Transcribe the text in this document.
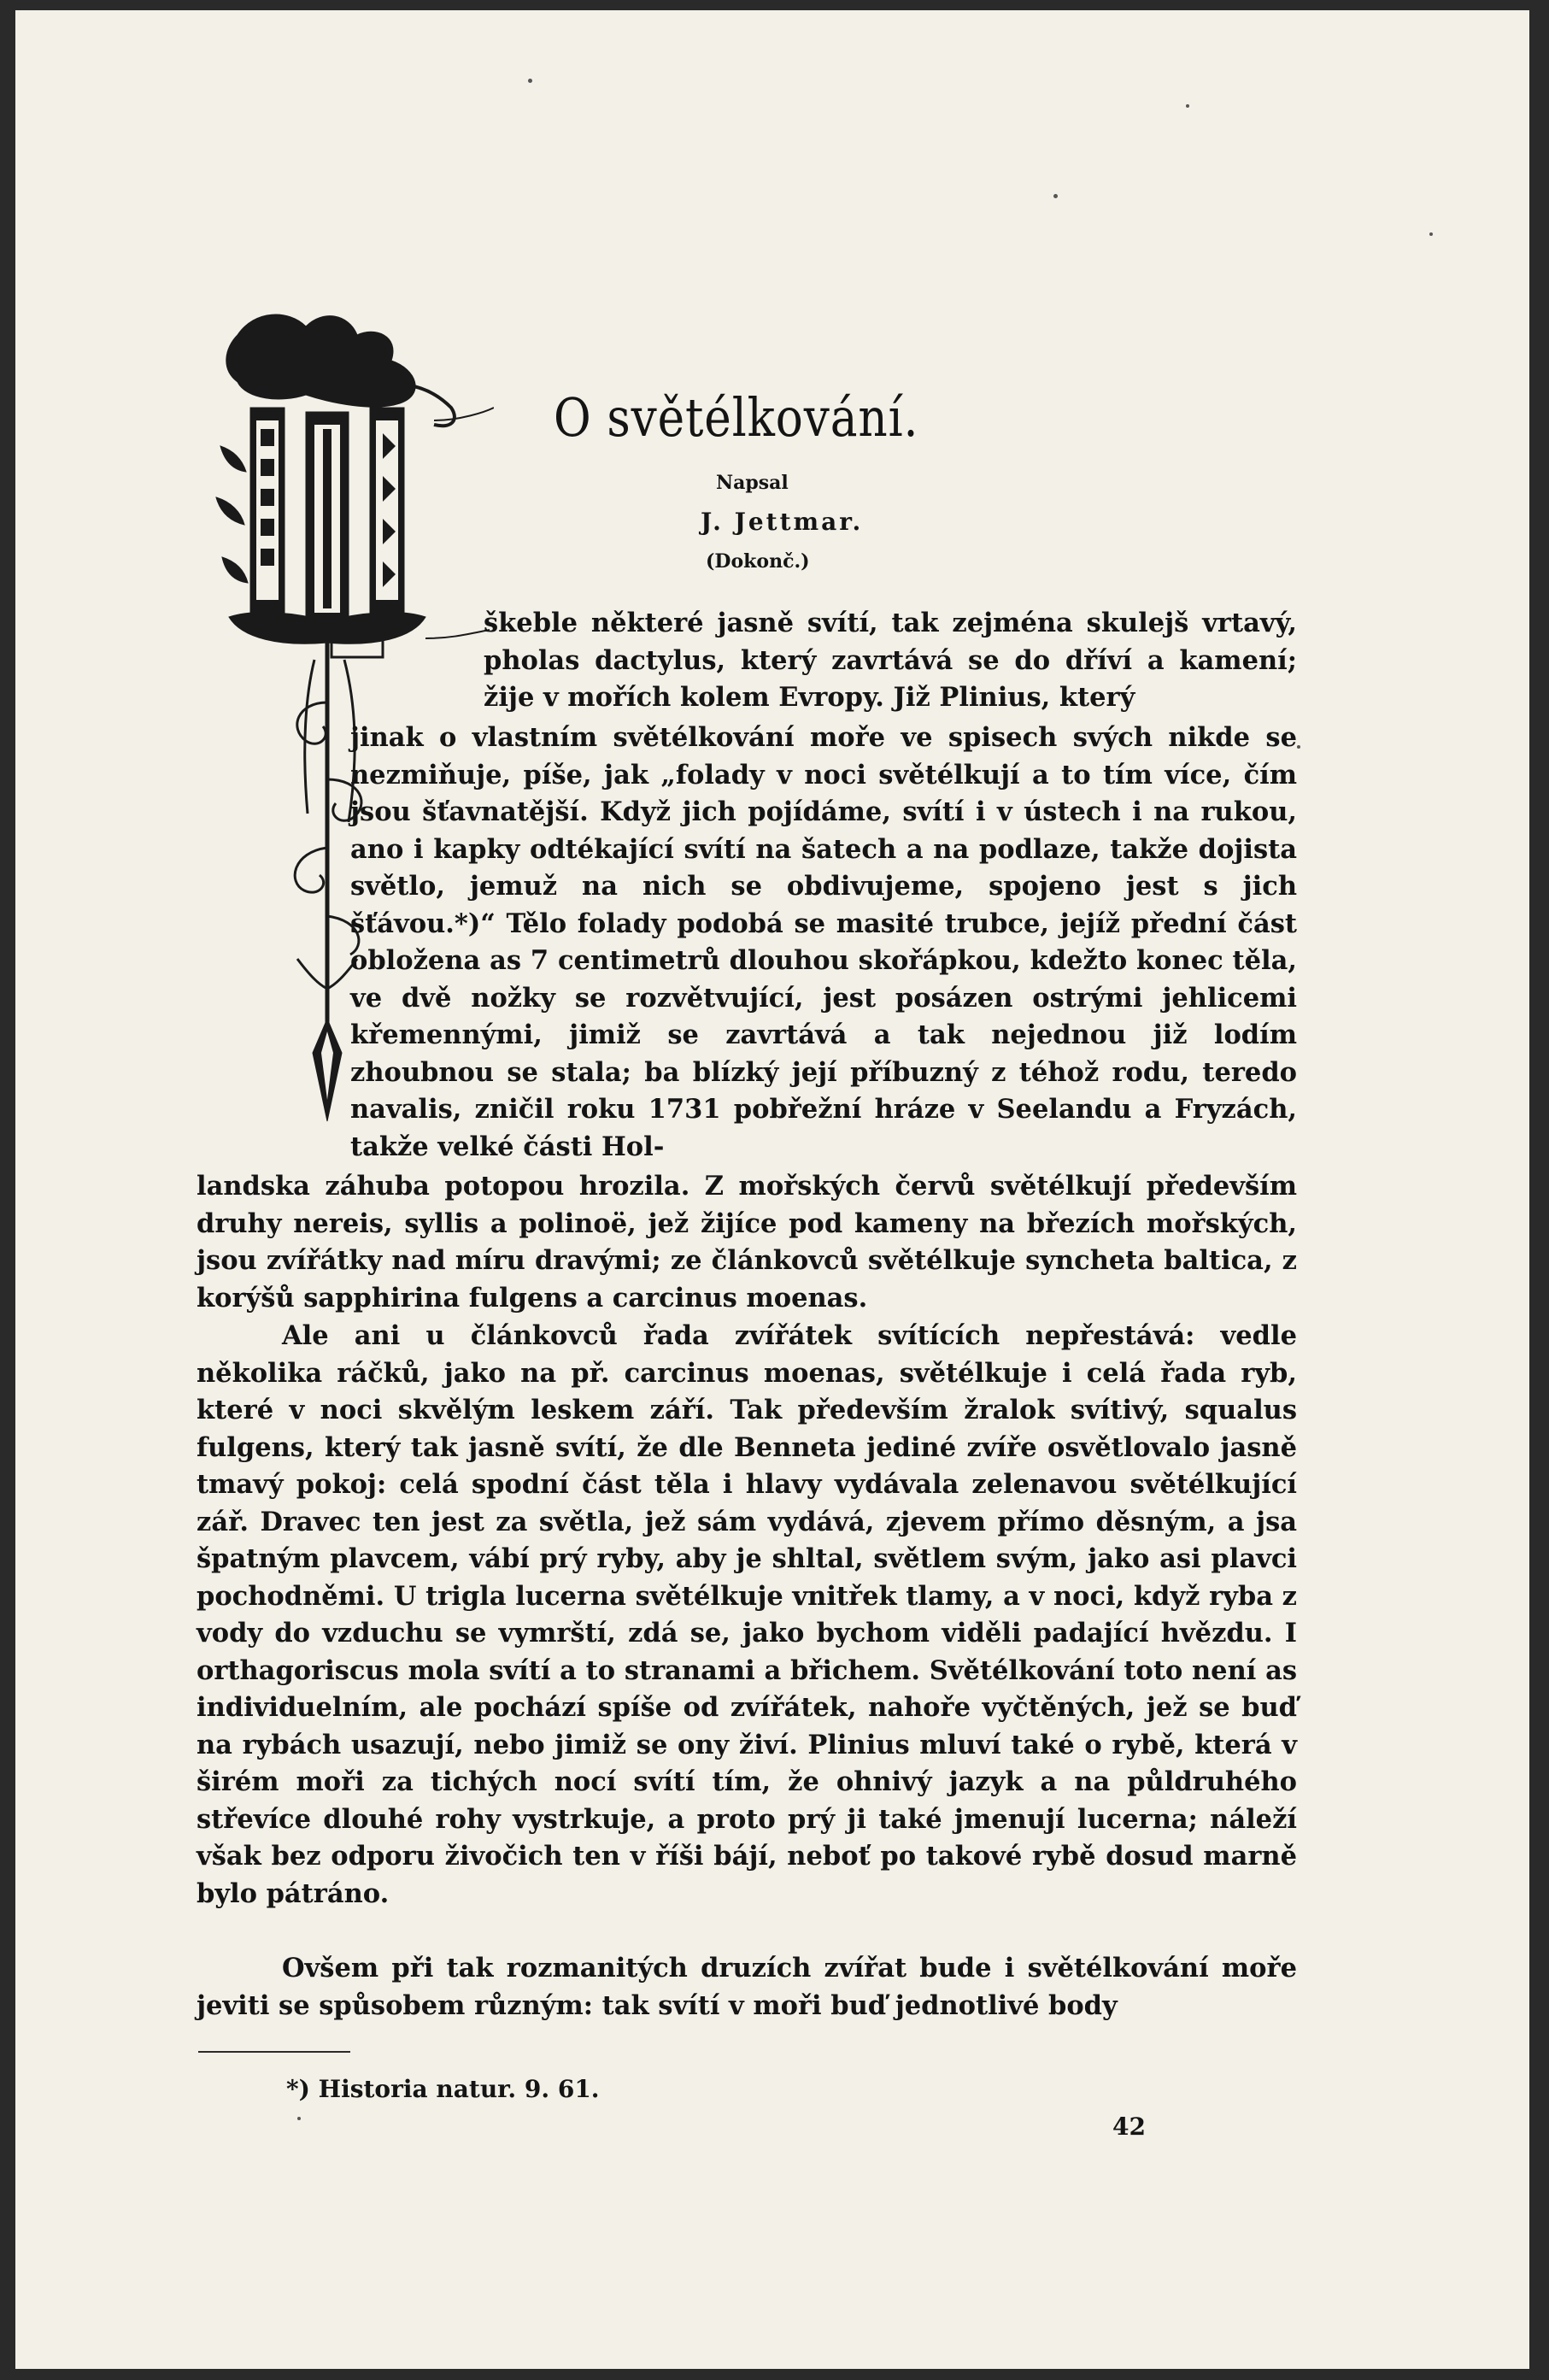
O světélkování.
Napsal
J. Jettmar.
(Dokonč.)
škeble některé jasně svítí, tak zejména skulejš vrtavý, pholas dactylus, který zavrtává se do dříví a kamení; žije v mořích kolem Evropy. Již Plinius, který
jinak o vlastním světélkování moře ve spisech svých nikde se nezmiňuje, píše, jak „folady v noci světélkují a to tím více, čím jsou šťavnatější. Když jich pojídáme, svítí i v ústech i na rukou, ano i kapky odtékající svítí na šatech a na podlaze, takže dojista světlo, jemuž na nich se obdivujeme, spojeno jest s jich šťávou.*)“ Tělo folady podobá se masité trubce, jejíž přední část obložena as 7 centimetrů dlouhou skořápkou, kdežto konec těla, ve dvě nožky se rozvětvující, jest posázen ostrými jehlicemi křemennými, jimiž se zavrtává a tak nejednou již lodím zhoubnou se stala; ba blízký její příbuzný z téhož rodu, teredo navalis, zničil roku 1731 pobřežní hráze v Seelandu a Fryzách, takže velké části Hol-
landska záhuba potopou hrozila. Z mořských červů světélkují především druhy nereis, syllis a polinoë, jež žijíce pod kameny na březích mořských, jsou zvířátky nad míru dravými; ze článkovců světélkuje syncheta baltica, z korýšů sapphirina fulgens a carcinus moenas.
Ale ani u článkovců řada zvířátek svítících nepřestává: vedle několika ráčků, jako na př. carcinus moenas, světélkuje i celá řada ryb, které v noci skvělým leskem září. Tak především žralok svítivý, squalus fulgens, který tak jasně svítí, že dle Benneta jediné zvíře osvětlovalo jasně tmavý pokoj: celá spodní část těla i hlavy vydávala zelenavou světélkující zář. Dravec ten jest za světla, jež sám vydává, zjevem přímo děsným, a jsa špatným plavcem, vábí prý ryby, aby je shltal, světlem svým, jako asi plavci pochodněmi. U trigla lucerna světélkuje vnitřek tlamy, a v noci, když ryba z vody do vzduchu se vymrští, zdá se, jako bychom viděli padající hvězdu. I orthagoriscus mola svítí a to stranami a břichem. Světélkování toto není as individuelním, ale pochází spíše od zvířátek, nahoře vyčtěných, jež se buď na rybách usazují, nebo jimiž se ony živí. Plinius mluví také o rybě, která v širém moři za tichých nocí svítí tím, že ohnivý jazyk a na půldruhého střevíce dlouhé rohy vystrkuje, a proto prý ji také jmenují lucerna; náleží však bez odporu živočich ten v říši bájí, neboť po takové rybě dosud marně bylo pátráno.
Ovšem při tak rozmanitých druzích zvířat bude i světélkování moře jeviti se spůsobem různým: tak svítí v moři buď jednotlivé body
*) Historia natur. 9. 61.
42
